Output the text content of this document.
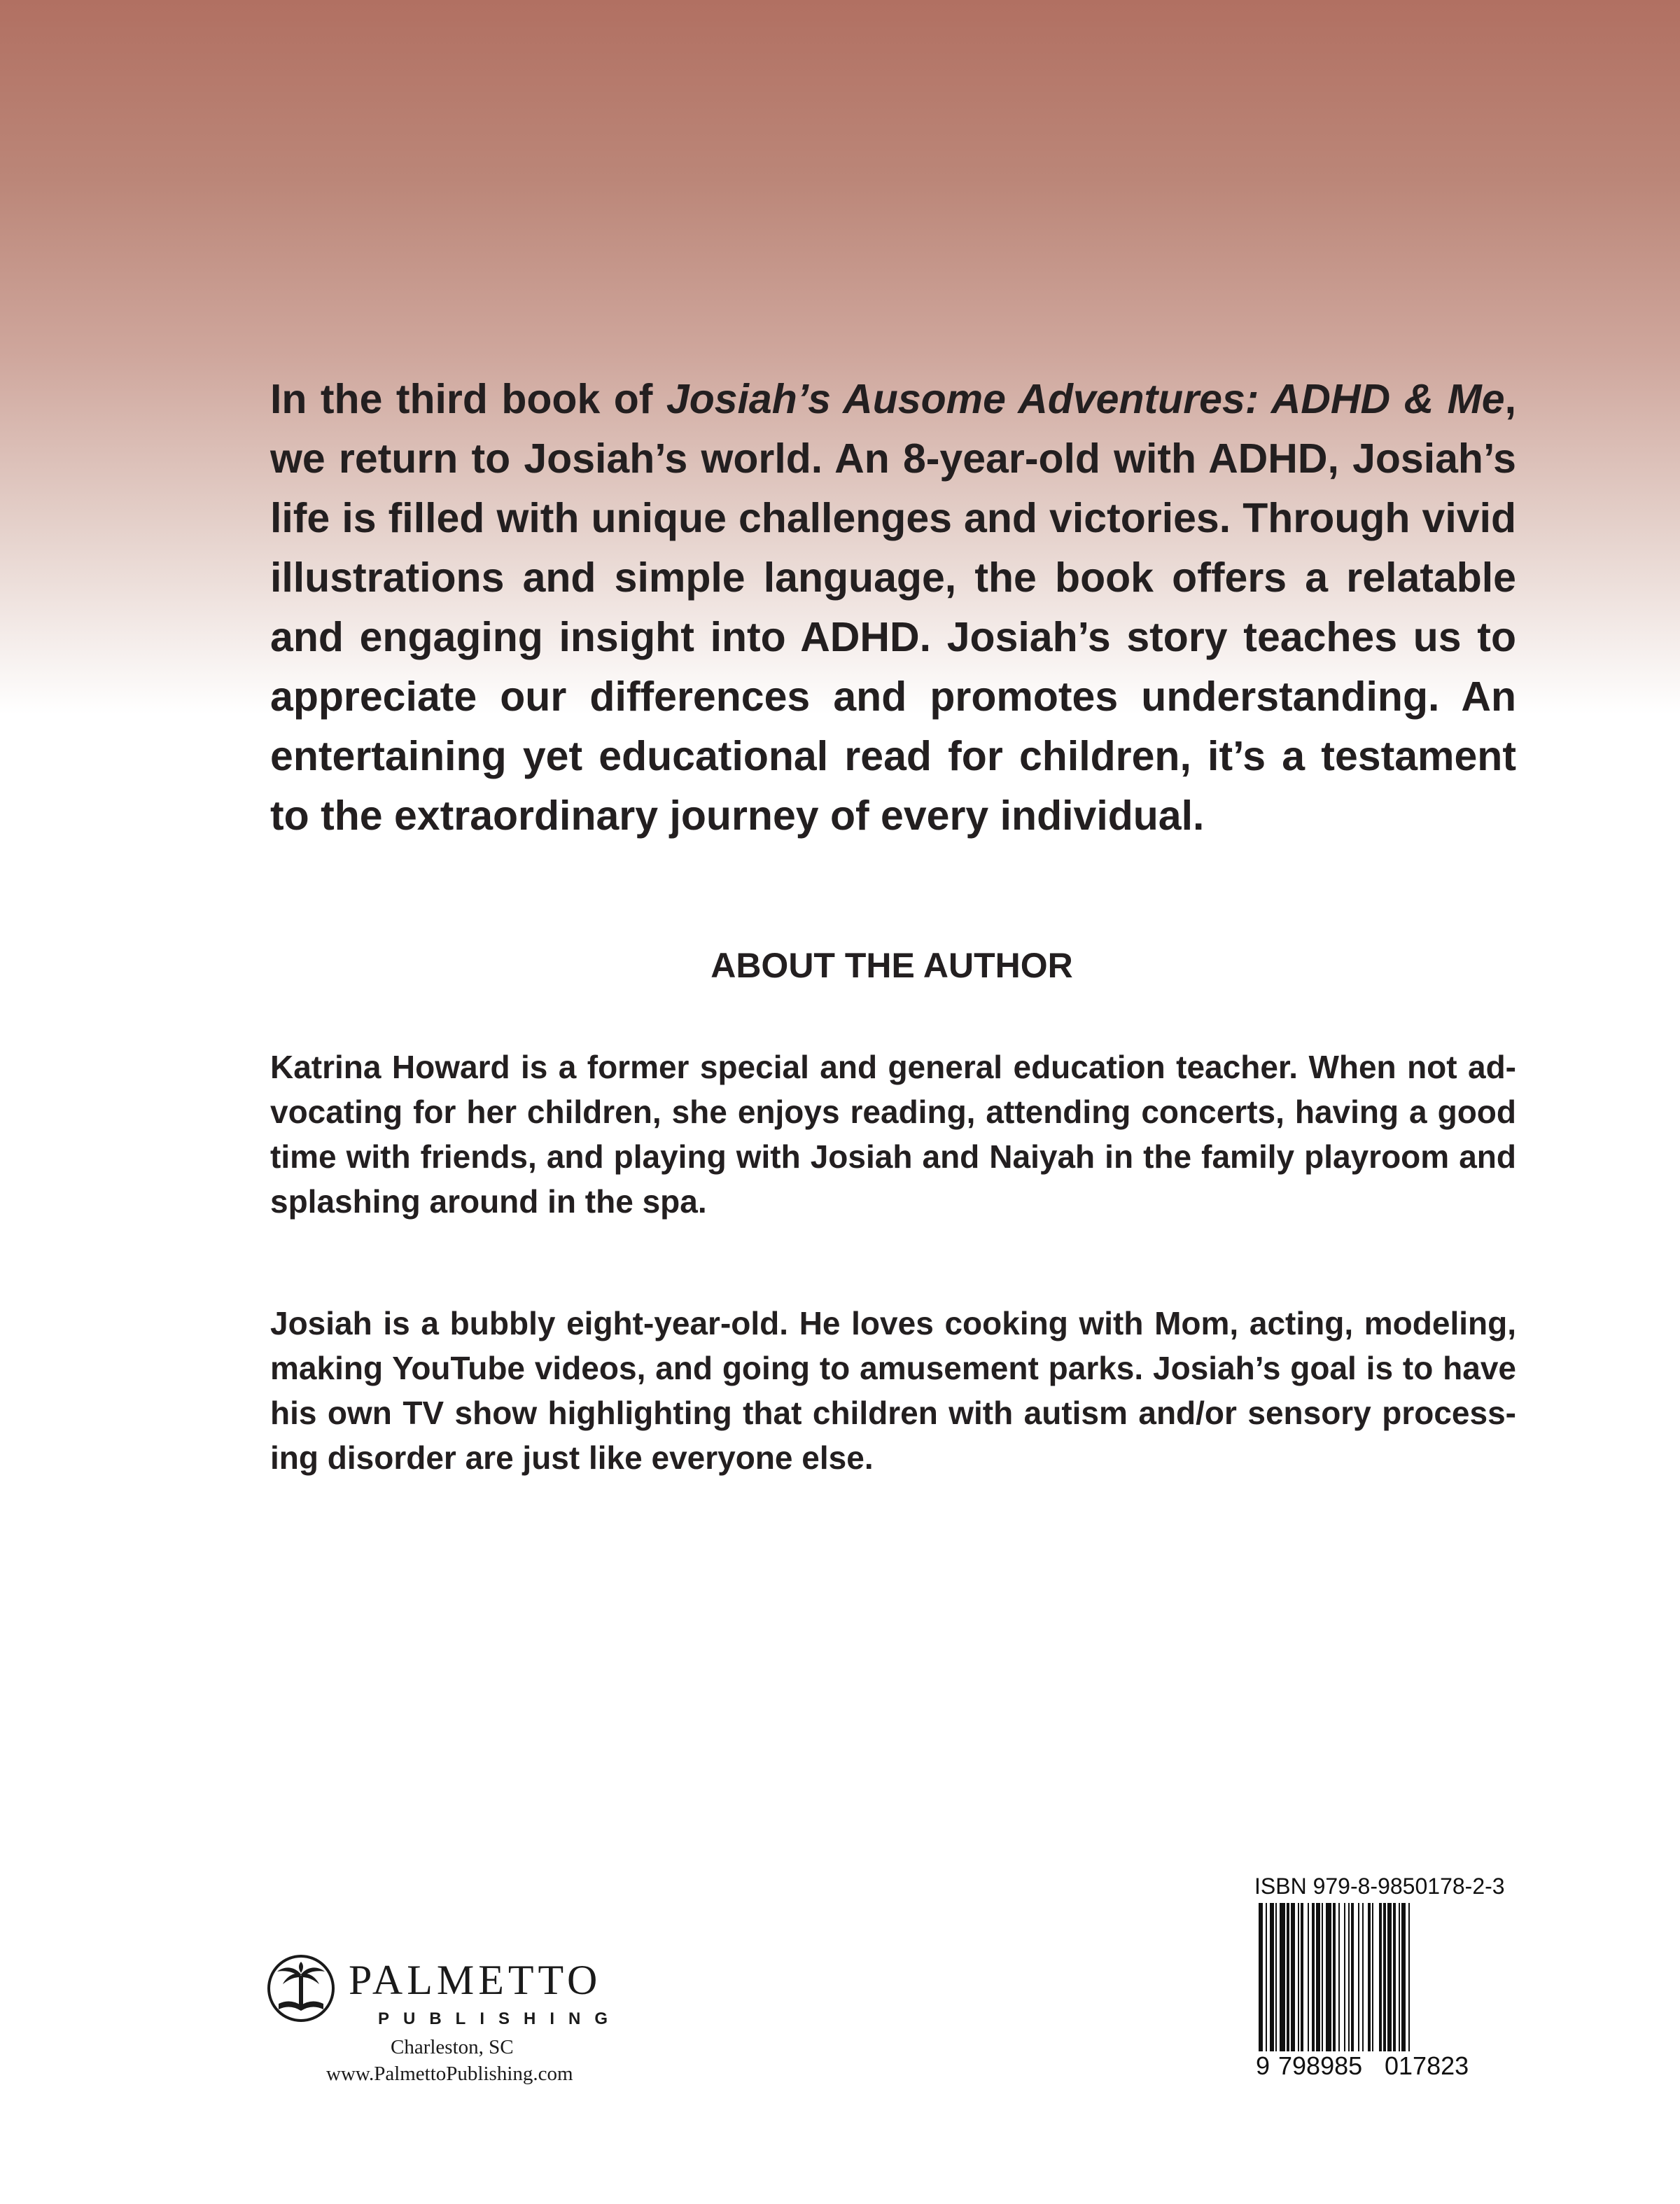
In the third book of Josiah’s Ausome Adventures: ADHD & Me, we return to Josiah’s world. An 8-year-old with ADHD, Josiah’s life is filled with unique challenges and victories. Through vivid illustrations and simple language, the book offers a relatable and engaging insight into ADHD. Josiah’s story teaches us to appreciate our differences and promotes understanding. An entertaining yet educational read for children, it’s a testament to the extraordinary journey of every individual.

ABOUT THE AUTHOR

Katrina Howard is a former special and general education teacher. When not advocating for her children, she enjoys reading, attending concerts, having a good time with friends, and playing with Josiah and Naiyah in the family playroom and splashing around in the spa.

Josiah is a bubbly eight-year-old. He loves cooking with Mom, acting, modeling, making YouTube videos, and going to amusement parks. Josiah’s goal is to have his own TV show highlighting that children with autism and/or sensory processing disorder are just like everyone else.

PALMETTO
PUBLISHING
Charleston, SC
www.PalmettoPublishing.com
ISBN 979-8-9850178-2-3
9 798985 017823
